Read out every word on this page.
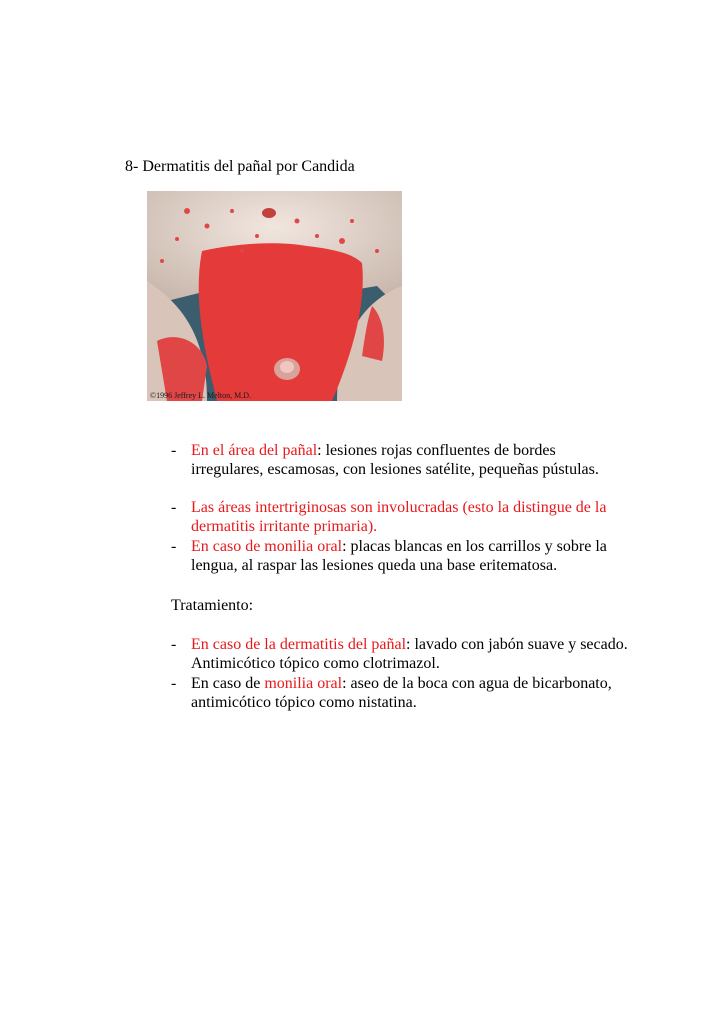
8- Dermatitis del pañal por Candida
©1996 Jeffrey L. Melton, M.D.
- En el área del pañal: lesiones rojas confluentes de bordes irregulares, escamosas, con lesiones satélite, pequeñas pústulas.
- Las áreas intertriginosas son involucradas (esto la distingue de la dermatitis irritante primaria).
- En caso de monilia oral: placas blancas en los carrillos y sobre la lengua, al raspar las lesiones queda una base eritematosa.
Tratamiento:
- En caso de la dermatitis del pañal: lavado con jabón suave y secado. Antimicótico tópico como clotrimazol.
- En caso de monilia oral: aseo de la boca con agua de bicarbonato, antimicótico tópico como nistatina.
